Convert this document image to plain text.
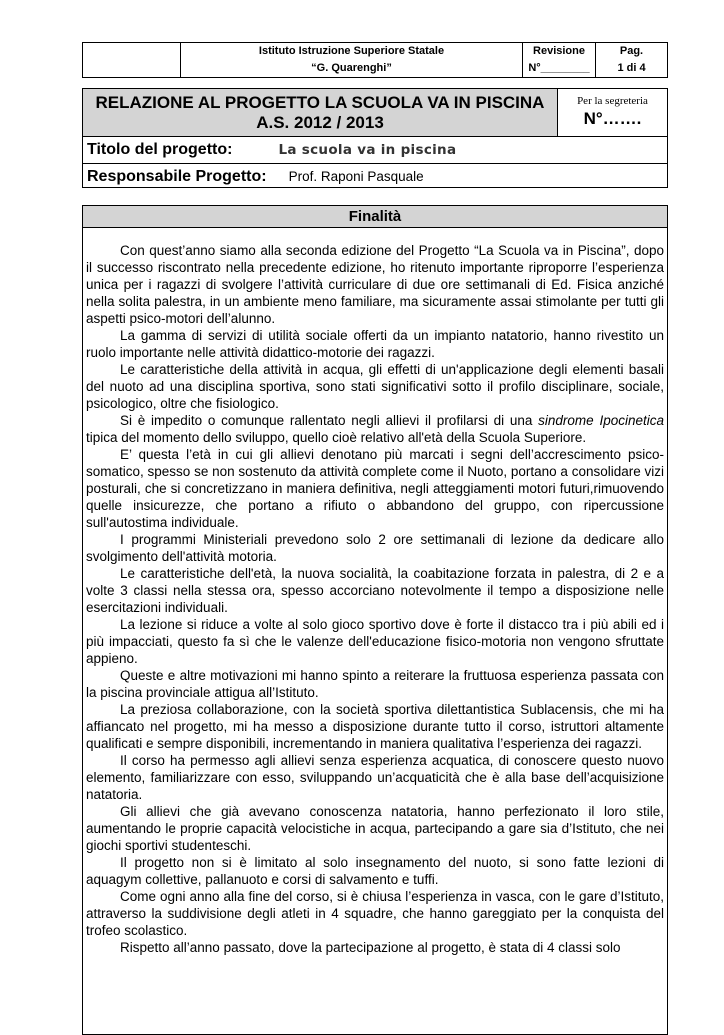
Istituto Istruzione Superiore Statale
“G. Quarenghi”
Revisione
N°________
Pag.
1 di 4
RELAZIONE AL PROGETTO LA SCUOLA VA IN PISCINA
A.S. 2012 / 2013
Per la segreteria
N°…….
Titolo del progetto:	La scuola va in piscina
Responsabile Progetto: Prof. Raponi Pasquale
Finalità

Con quest’anno siamo alla seconda edizione del Progetto “La Scuola va in Piscina”, dopo il successo riscontrato nella precedente edizione, ho ritenuto importante riproporre l’esperienza unica per i ragazzi di svolgere l’attività curriculare di due ore settimanali di Ed. Fisica anziché nella solita palestra, in un ambiente meno familiare, ma sicuramente assai stimolante per tutti gli aspetti psico-motori dell’alunno.

La gamma di servizi di utilità sociale offerti da un impianto natatorio, hanno rivestito un ruolo importante nelle attività didattico-motorie dei ragazzi.

Le caratteristiche della attività in acqua, gli effetti di un'applicazione degli elementi basali del nuoto ad una disciplina sportiva, sono stati significativi sotto il profilo disciplinare, sociale, psicologico, oltre che fisiologico.

Si è impedito o comunque rallentato negli allievi il profilarsi di una sindrome Ipocinetica tipica del momento dello sviluppo, quello cioè relativo all'età della Scuola Superiore.

E’ questa l’età in cui gli allievi denotano più marcati i segni dell’accrescimento psico-somatico, spesso se non sostenuto da attività complete come il Nuoto, portano a consolidare vizi posturali, che si concretizzano in maniera definitiva, negli atteggiamenti motori futuri,rimuovendo quelle insicurezze, che portano a rifiuto o abbandono del gruppo, con ripercussione sull'autostima individuale.

I programmi Ministeriali prevedono solo 2 ore settimanali di lezione da dedicare allo svolgimento dell'attività motoria.

Le caratteristiche dell'età, la nuova socialità, la coabitazione forzata in palestra, di 2 e a volte 3 classi nella stessa ora, spesso accorciano notevolmente il tempo a disposizione nelle esercitazioni individuali.

La lezione si riduce a volte al solo gioco sportivo dove è forte il distacco tra i più abili ed i più impacciati, questo fa sì che le valenze dell'educazione fisico-motoria non vengono sfruttate appieno.

Queste e altre motivazioni mi hanno spinto a reiterare la fruttuosa esperienza passata con la piscina provinciale attigua all’Istituto.

La preziosa collaborazione, con la società sportiva dilettantistica Sublacensis, che mi ha affiancato nel progetto, mi ha messo a disposizione durante tutto il corso, istruttori altamente qualificati e sempre disponibili, incrementando in maniera qualitativa l’esperienza dei ragazzi.

Il corso ha permesso agli allievi senza esperienza acquatica, di conoscere questo nuovo elemento, familiarizzare con esso, sviluppando un’acquaticità che è alla base dell’acquisizione natatoria.

Gli allievi che già avevano conoscenza natatoria, hanno perfezionato il loro stile, aumentando le proprie capacità velocistiche in acqua, partecipando a gare sia d’Istituto, che nei giochi sportivi studenteschi.

Il progetto non si è limitato al solo insegnamento del nuoto, si sono fatte lezioni di aquagym collettive, pallanuoto e corsi di salvamento e tuffi.

Come ogni anno alla fine del corso, si è chiusa l’esperienza in vasca, con le gare d’Istituto, attraverso la suddivisione degli atleti in 4 squadre, che hanno gareggiato per la conquista del trofeo scolastico.

Rispetto all’anno passato, dove la partecipazione al progetto, è stata di 4 classi solo
